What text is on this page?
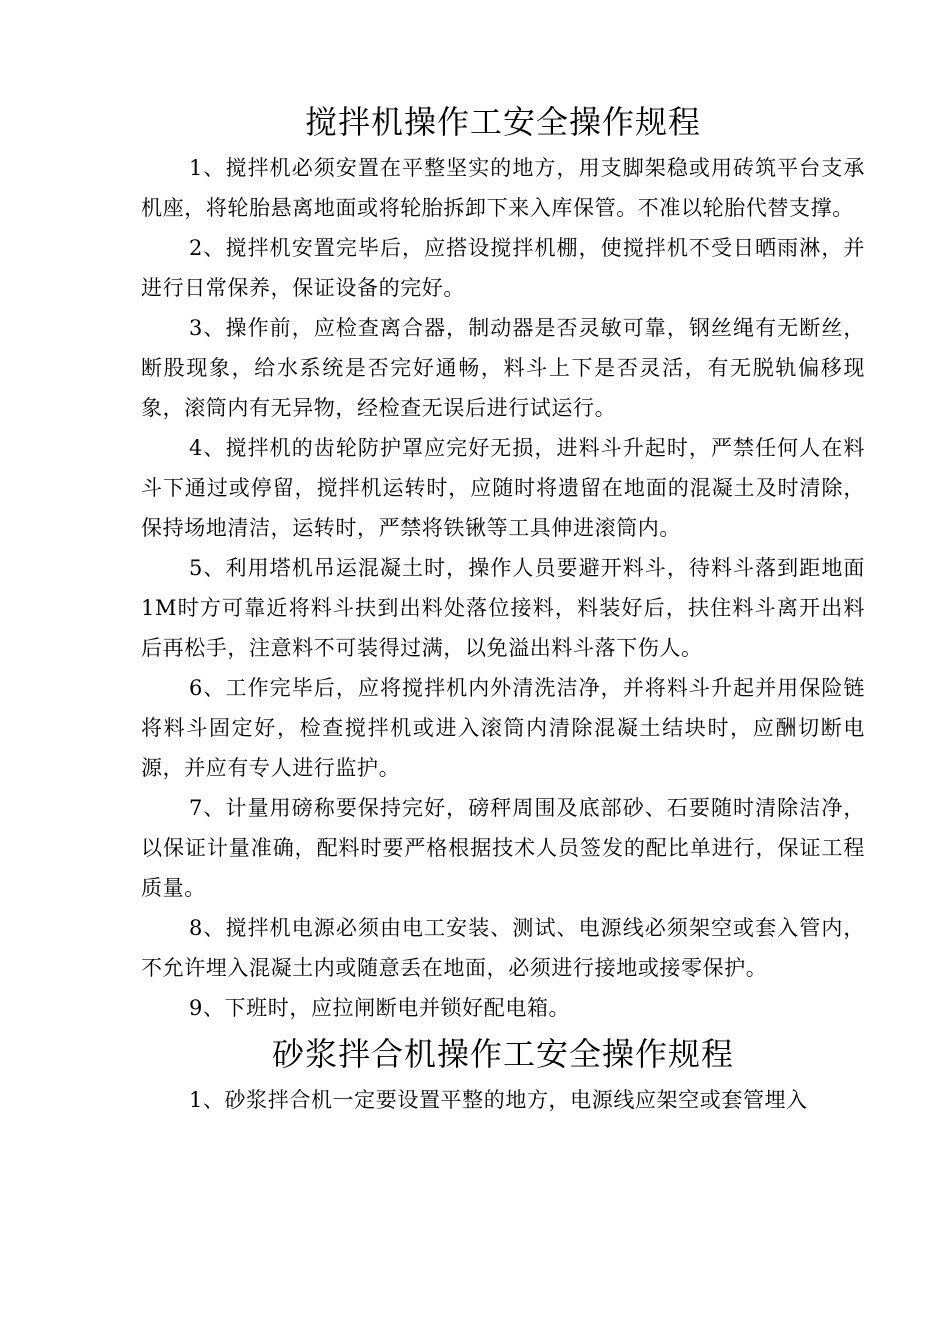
搅拌机操作工安全操作规程

1、搅拌机必须安置在平整坚实的地方，用支脚架稳或用砖筑平台支承机座，将轮胎悬离地面或将轮胎拆卸下来入库保管。不准以轮胎代替支撑。

2、搅拌机安置完毕后，应搭设搅拌机棚，使搅拌机不受日晒雨淋，并进行日常保养，保证设备的完好。

3、操作前，应检查离合器，制动器是否灵敏可靠，钢丝绳有无断丝，断股现象，给水系统是否完好通畅，料斗上下是否灵活，有无脱轨偏移现象，滚筒内有无异物，经检查无误后进行试运行。

4、搅拌机的齿轮防护罩应完好无损，进料斗升起时，严禁任何人在料斗下通过或停留，搅拌机运转时，应随时将遗留在地面的混凝土及时清除，保持场地清洁，运转时，严禁将铁锹等工具伸进滚筒内。

5、利用塔机吊运混凝土时，操作人员要避开料斗，待料斗落到距地面1M时方可靠近将料斗扶到出料处落位接料，料装好后，扶住料斗离开出料后再松手，注意料不可装得过满，以免溢出料斗落下伤人。

6、工作完毕后，应将搅拌机内外清洗洁净，并将料斗升起并用保险链将料斗固定好，检查搅拌机或进入滚筒内清除混凝土结块时，应酬切断电源，并应有专人进行监护。

7、计量用磅称要保持完好，磅秤周围及底部砂、石要随时清除洁净，以保证计量准确，配料时要严格根据技术人员签发的配比单进行，保证工程质量。

8、搅拌机电源必须由电工安装、测试、电源线必须架空或套入管内，不允许埋入混凝土内或随意丢在地面，必须进行接地或接零保护。

9、下班时，应拉闸断电并锁好配电箱。

砂浆拌合机操作工安全操作规程

1、砂浆拌合机一定要设置平整的地方，电源线应架空或套管埋入
